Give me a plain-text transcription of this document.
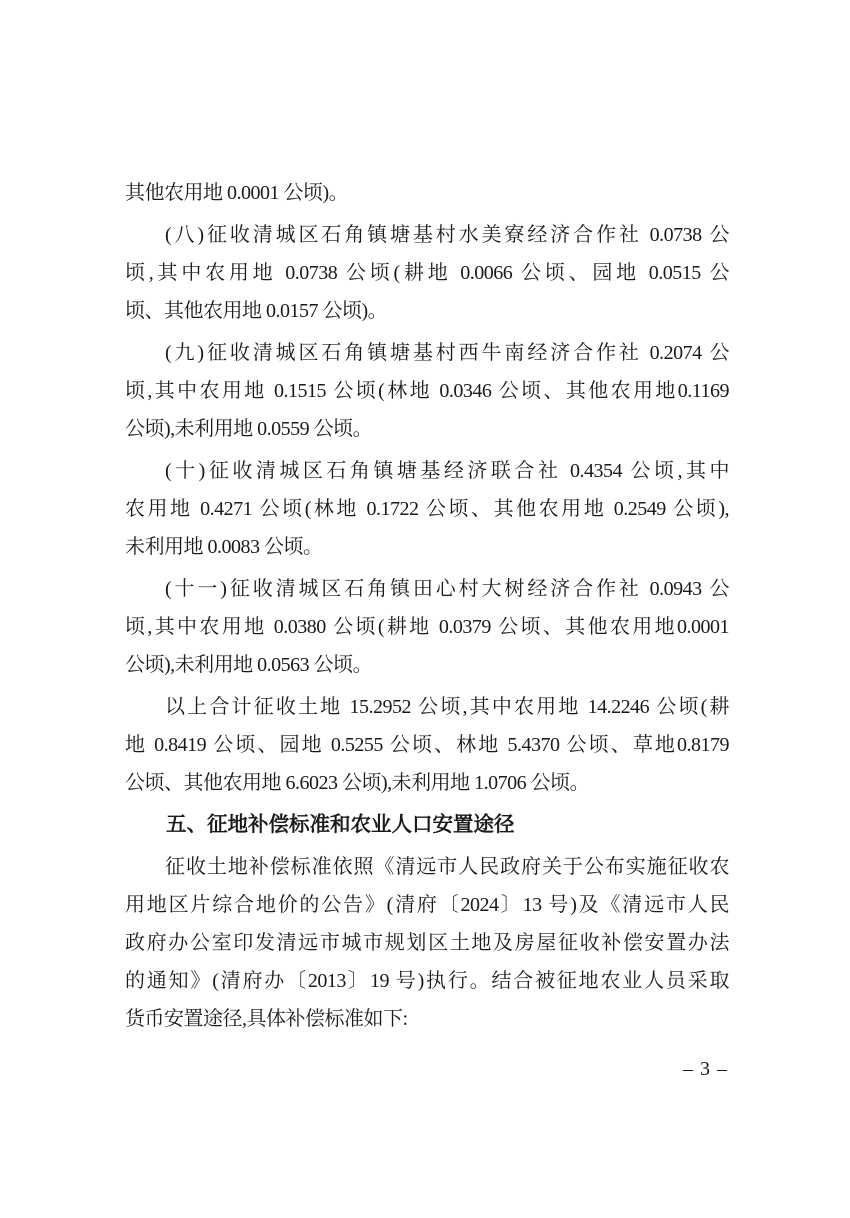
其他农用地 0.0001 公顷)。
(八)征收清城区石角镇塘基村水美寮经济合作社 0.0738 公
顷,其中农用地 0.0738 公顷(耕地 0.0066 公顷、园地 0.0515 公
顷、其他农用地 0.0157 公顷)。
(九)征收清城区石角镇塘基村西牛南经济合作社 0.2074 公
顷,其中农用地 0.1515 公顷(林地 0.0346 公顷、其他农用地0.1169
公顷),未利用地 0.0559 公顷。
(十)征收清城区石角镇塘基经济联合社 0.4354 公顷,其中
农用地 0.4271 公顷(林地 0.1722 公顷、其他农用地 0.2549 公顷),
未利用地 0.0083 公顷。
(十一)征收清城区石角镇田心村大树经济合作社 0.0943 公
顷,其中农用地 0.0380 公顷(耕地 0.0379 公顷、其他农用地0.0001
公顷),未利用地 0.0563 公顷。
以上合计征收土地 15.2952 公顷,其中农用地 14.2246 公顷(耕
地 0.8419 公顷、园地 0.5255 公顷、林地 5.4370 公顷、草地0.8179
公顷、其他农用地 6.6023 公顷),未利用地 1.0706 公顷。
五、征地补偿标准和农业人口安置途径
征收土地补偿标准依照《清远市人民政府关于公布实施征收农
用地区片综合地价的公告》(清府〔2024〕13 号)及《清远市人民
政府办公室印发清远市城市规划区土地及房屋征收补偿安置办法
的通知》(清府办〔2013〕19 号)执行。结合被征地农业人员采取
货币安置途径,具体补偿标准如下:
– 3 –
